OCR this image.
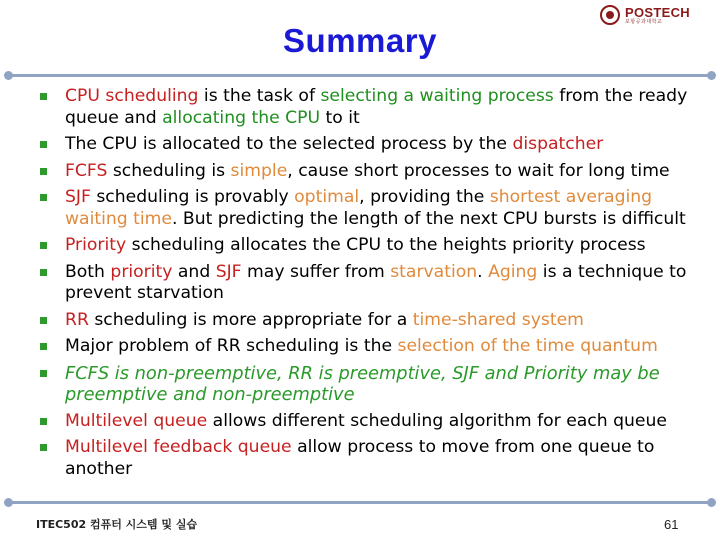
POSTECH
포항공과대학교
Summary
CPU scheduling is the task of selecting a waiting process from the ready queue and allocating the CPU to it
The CPU is allocated to the selected process by the dispatcher
FCFS scheduling is simple, cause short processes to wait for long time
SJF scheduling is provably optimal, providing the shortest averaging waiting time. But predicting the length of the next CPU bursts is difficult
Priority scheduling allocates the CPU to the heights priority process
Both priority and SJF may suffer from starvation. Aging is a technique to prevent starvation
RR scheduling is more appropriate for a time-shared system
Major problem of RR scheduling is the selection of the time quantum
FCFS is non-preemptive, RR is preemptive, SJF and Priority may be preemptive and non-preemptive
Multilevel queue allows different scheduling algorithm for each queue
Multilevel feedback queue allow process to move from one queue to another
ITEC502 컴퓨터 시스템 및 실습	61
